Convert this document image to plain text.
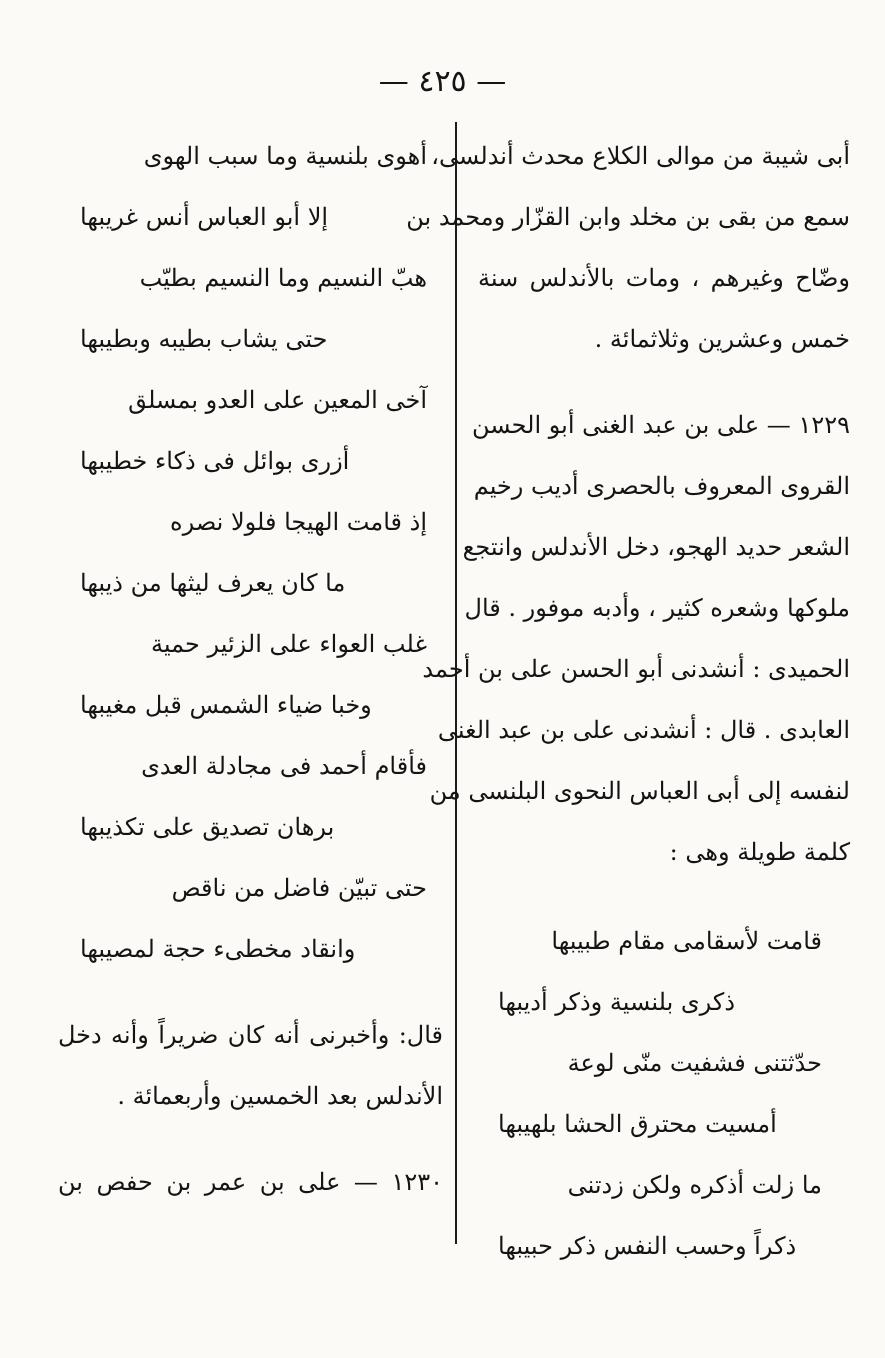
— ٤٢٥ —
أبى شيبة من موالى الكلاع محدث أندلسى،
سمع من بقى بن مخلد وابن القزّار ومحمد بن
وضّاح وغيرهم ، ومات بالأندلس سنة
خمس وعشرين وثلاثمائة .
١٢٢٩ — على بن عبد الغنى أبو الحسن
القروى المعروف بالحصرى أديب رخيم
الشعر حديد الهجو، دخل الأندلس وانتجع
ملوكها وشعره كثير ، وأدبه موفور . قال
الحميدى : أنشدنى أبو الحسن على بن أحمد
العابدى . قال : أنشدنى على بن عبد الغنى
لنفسه إلى أبى العباس النحوى البلنسى من
كلمة طويلة وهى :
قامت لأسقامى مقام طبيبها
ذكرى بلنسية وذكر أديبها
حدّثتنى فشفيت منّى لوعة
أمسيت محترق الحشا بلهيبها
ما زلت أذكره ولكن زدتنى
ذكراً وحسب النفس ذكر حبيبها
أهوى بلنسية وما سبب الهوى
إلا أبو العباس أنس غريبها
هبّ النسيم وما النسيم بطيّب
حتى يشاب بطيبه وبطيبها
آخى المعين على العدو بمسلق
أزرى بوائل فى ذكاء خطيبها
إذ قامت الهيجا فلولا نصره
ما كان يعرف ليثها من ذيبها
غلب العواء على الزئير حمية
وخبا ضياء الشمس قبل مغيبها
فأقام أحمد فى مجادلة العدى
برهان تصديق على تكذيبها
حتى تبيّن فاضل من ناقص
وانقاد مخطىء حجة لمصيبها
قال: وأخبرنى أنه كان ضريراً وأنه دخل
الأندلس بعد الخمسين وأربعمائة .
١٢٣٠ — على بن عمر بن حفص بن
